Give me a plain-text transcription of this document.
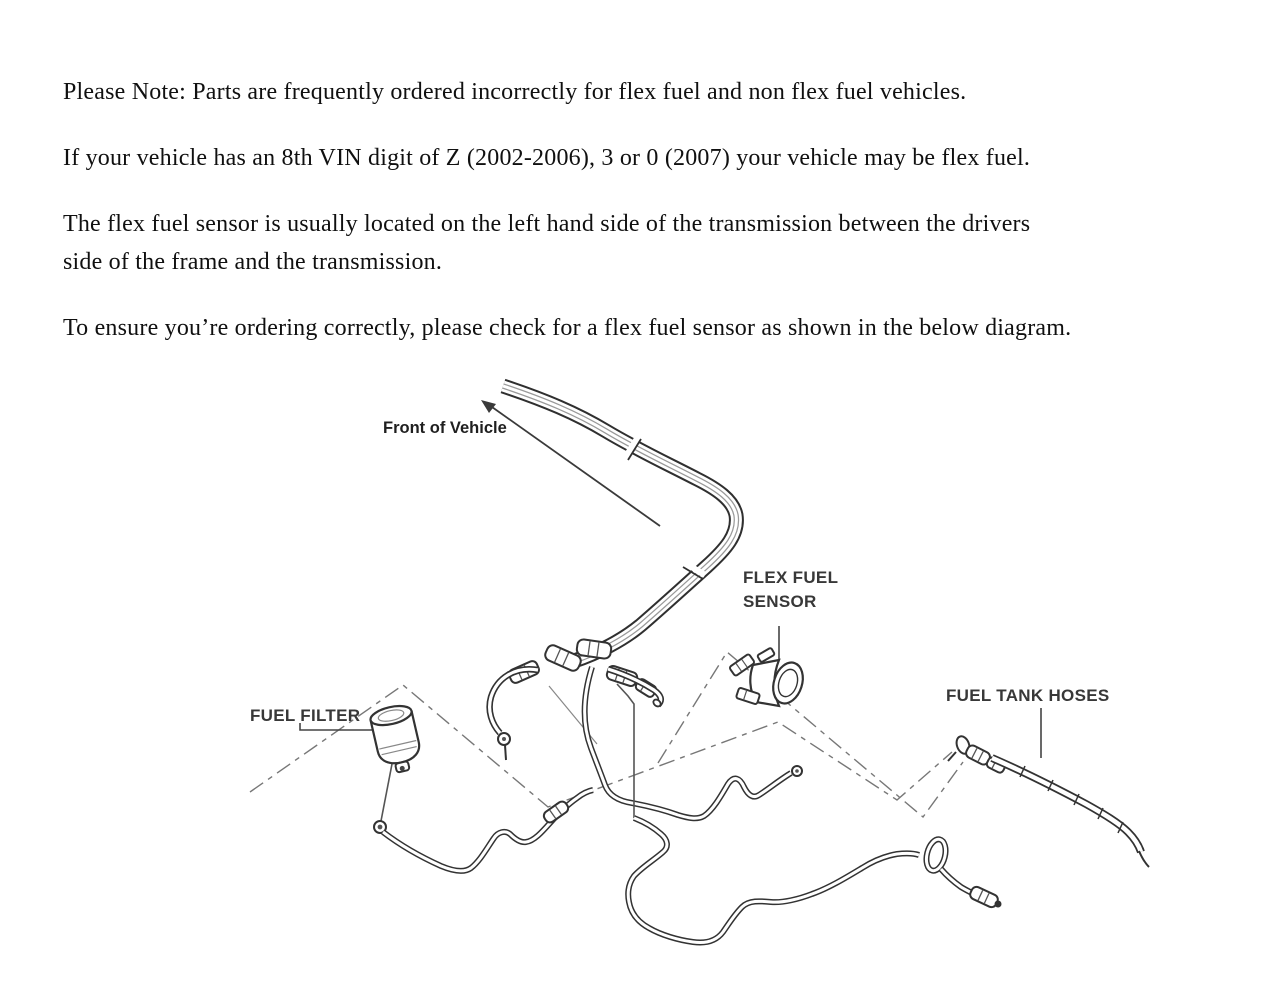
Please Note: Parts are frequently ordered incorrectly for flex fuel and non flex fuel vehicles.

If your vehicle has an 8th VIN digit of Z (2002-2006), 3 or 0 (2007) your vehicle may be flex fuel.

The flex fuel sensor is usually located on the left hand side of the transmission between the drivers
side of the frame and the transmission.

To ensure you’re ordering correctly, please check for a flex fuel sensor as shown in the below diagram.

Front of Vehicle
FLEX FUEL
SENSOR
FUEL FILTER
FUEL TANK HOSES
